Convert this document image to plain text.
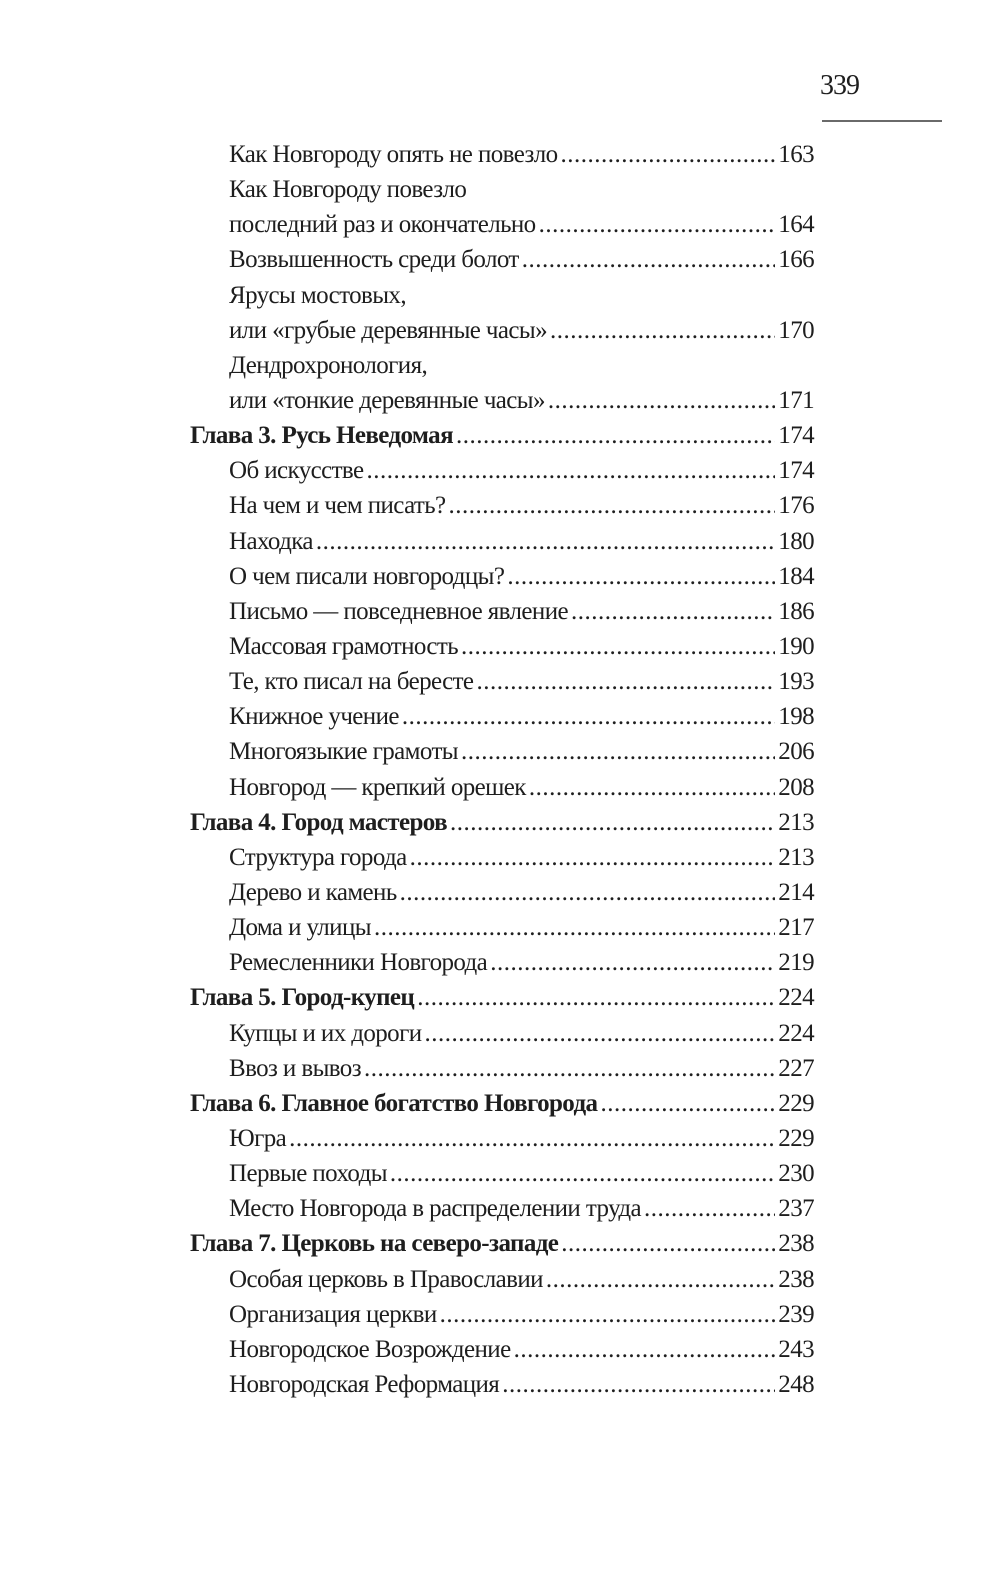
339
Как Новгороду опять не повезло .....	163
Как Новгороду повезло
последний раз и окончательно .....	164
Возвышенность среди болот .....	166
Ярусы мостовых,
или «грубые деревянные часы» .....	170
Дендрохронология,
или «тонкие деревянные часы» .....	171
Глава 3. Русь Неведомая .....	174
Об искусстве .....	174
На чем и чем писать? .....	176
Находка .....	180
О чем писали новгородцы? .....	184
Письмо — повседневное явление .....	186
Массовая грамотность .....	190
Те, кто писал на бересте .....	193
Книжное учение .....	198
Многоязыкие грамоты .....	206
Новгород — крепкий орешек .....	208
Глава 4. Город мастеров .....	213
Структура города .....	213
Дерево и камень .....	214
Дома и улицы .....	217
Ремесленники Новгорода .....	219
Глава 5. Город-купец .....	224
Купцы и их дороги .....	224
Ввоз и вывоз .....	227
Глава 6. Главное богатство Новгорода .....	229
Югра .....	229
Первые походы .....	230
Место Новгорода в распределении труда .....	237
Глава 7. Церковь на северо-западе .....	238
Особая церковь в Православии .....	238
Организация церкви .....	239
Новгородское Возрождение .....	243
Новгородская Реформация .....	248
